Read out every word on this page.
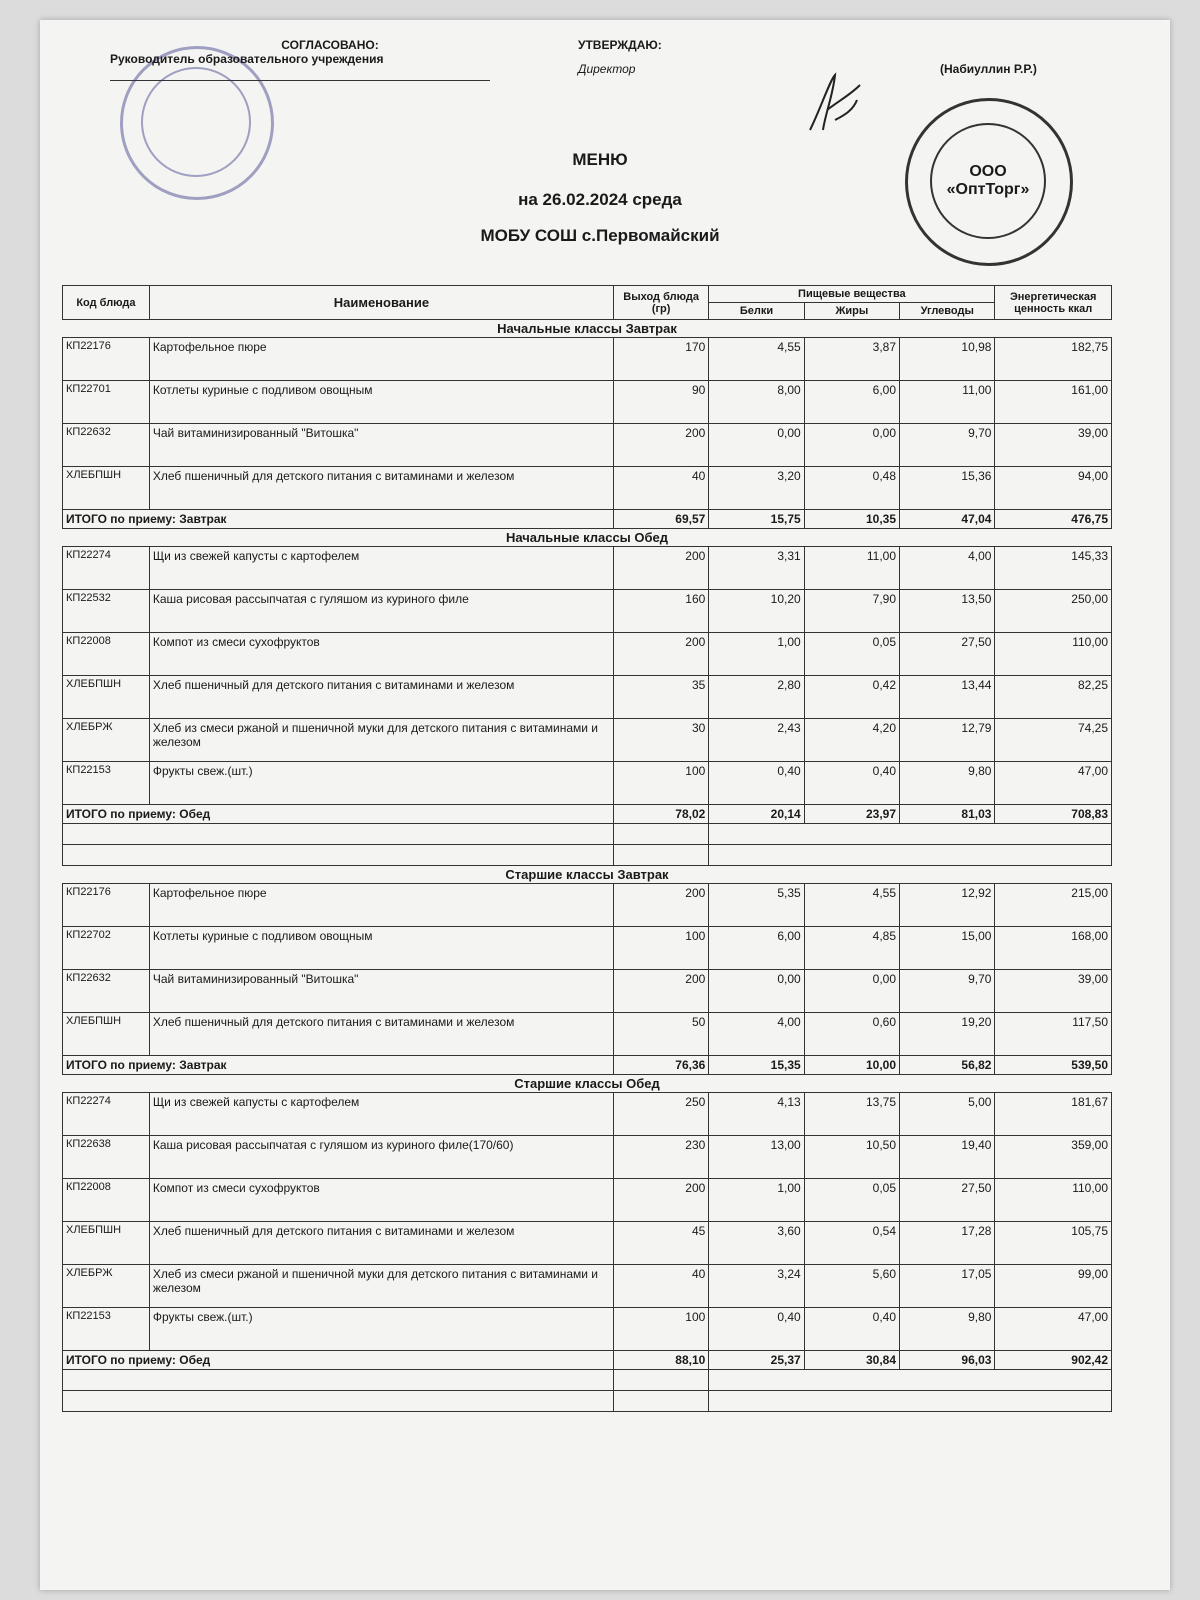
СОГЛАСОВАНО:
Руководитель образовательного учреждения
УТВЕРЖДАЮ:
Директор	(Набиуллин Р.Р.)
ООО «ОптТорг»
МЕНЮ
на 26.02.2024 среда
МОБУ СОШ с.Первомайский
Код блюда	Наименование	Выход блюда (гр)	Пищевые вещества			Энергетическая ценность ккал
			Белки	Жиры	Углеводы	
Начальные классы Завтрак						
КП22176	Картофельное пюре	170	4,55	3,87	10,98	182,75
КП22701	Котлеты куриные с подливом овощным	90	8,00	6,00	11,00	161,00
КП22632	Чай витаминизированный "Витошка"	200	0,00	0,00	9,70	39,00
ХЛЕБПШН	Хлеб пшеничный для детского питания с витаминами и железом	40	3,20	0,48	15,36	94,00
ИТОГО по приему: Завтрак		69,57	15,75	10,35	47,04	476,75
Начальные классы Обед						
КП22274	Щи из свежей капусты с картофелем	200	3,31	11,00	4,00	145,33
КП22532	Каша рисовая рассыпчатая с гуляшом из куриного филе	160	10,20	7,90	13,50	250,00
КП22008	Компот из смеси сухофруктов	200	1,00	0,05	27,50	110,00
ХЛЕБПШН	Хлеб пшеничный для детского питания с витаминами и железом	35	2,80	0,42	13,44	82,25
ХЛЕБРЖ	Хлеб из смеси ржаной и пшеничной муки для детского питания с витаминами и железом	30	2,43	4,20	12,79	74,25
КП22153	Фрукты свеж.(шт.)	100	0,40	0,40	9,80	47,00
ИТОГО по приему: Обед		78,02	20,14	23,97	81,03	708,83

Старшие классы Завтрак						
КП22176	Картофельное пюре	200	5,35	4,55	12,92	215,00
КП22702	Котлеты куриные с подливом овощным	100	6,00	4,85	15,00	168,00
КП22632	Чай витаминизированный "Витошка"	200	0,00	0,00	9,70	39,00
ХЛЕБПШН	Хлеб пшеничный для детского питания с витаминами и железом	50	4,00	0,60	19,20	117,50
ИТОГО по приему: Завтрак		76,36	15,35	10,00	56,82	539,50
Старшие классы Обед						
КП22274	Щи из свежей капусты с картофелем	250	4,13	13,75	5,00	181,67
КП22638	Каша рисовая рассыпчатая с гуляшом из куриного филе(170/60)	230	13,00	10,50	19,40	359,00
КП22008	Компот из смеси сухофруктов	200	1,00	0,05	27,50	110,00
ХЛЕБПШН	Хлеб пшеничный для детского питания с витаминами и железом	45	3,60	0,54	17,28	105,75
ХЛЕБРЖ	Хлеб из смеси ржаной и пшеничной муки для детского питания с витаминами и железом	40	3,24	5,60	17,05	99,00
КП22153	Фрукты свеж.(шт.)	100	0,40	0,40	9,80	47,00
ИТОГО по приему: Обед		88,10	25,37	30,84	96,03	902,42
